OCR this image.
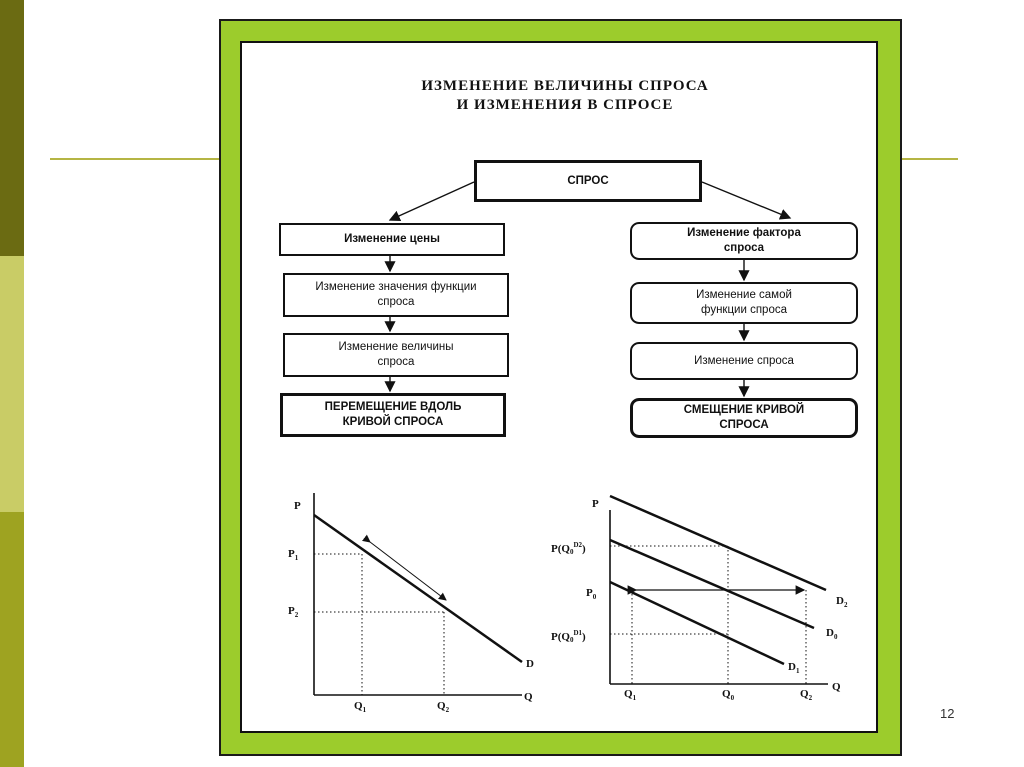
ИЗМЕНЕНИЕ ВЕЛИЧИНЫ СПРОСА
И ИЗМЕНЕНИЯ В СПРОСЕ
СПРОС
Изменение цены
Изменение значения функции спроса
Изменение величины спроса
ПЕРЕМЕЩЕНИЕ ВДОЛЬ КРИВОЙ СПРОСА
Изменение фактора спроса
Изменение самой функции спроса
Изменение спроса
СМЕЩЕНИЕ КРИВОЙ СПРОСА
P
Q
$P_1$
$P_2$
$Q_1$	$Q_2$
D
P
Q
$P(Q0^{D2})$
$P_0$
$P(Q0^{D1})$
$Q_1$	$Q_0$	$Q_2$
$D_2$
$D_0$
$D_1$
12
